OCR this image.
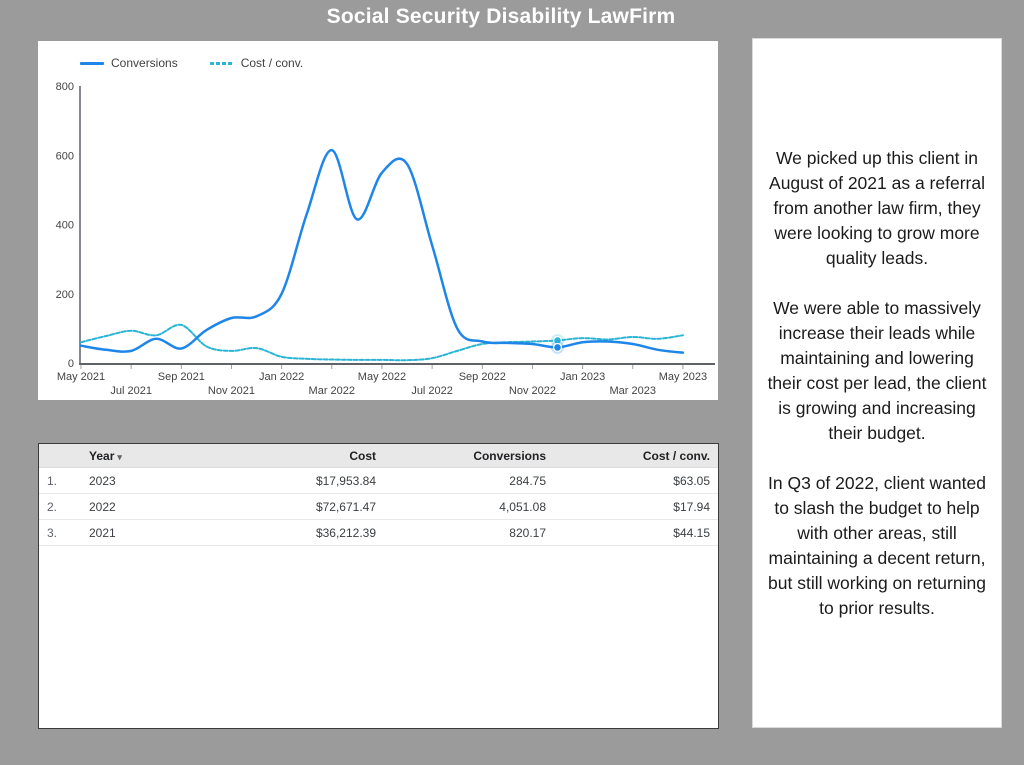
Social Security Disability LawFirm
Conversions	Cost / conv.
0
200
400
600
800
May 2021	Sep 2021	Jan 2022	May 2022	Sep 2022	Jan 2023	May 2023
Jul 2021	Nov 2021	Mar 2022	Jul 2022	Nov 2022	Mar 2023
	Year ▾	Cost	Conversions	Cost / conv.
1.	2023	$17,953.84	284.75	$63.05
2.	2022	$72,671.47	4,051.08	$17.94
3.	2021	$36,212.39	820.17	$44.15

We picked up this client in August of 2021 as a referral from another law firm, they were looking to grow more quality leads.

We were able to massively increase their leads while maintaining and lowering their cost per lead, the client is growing and increasing their budget.

In Q3 of 2022, client wanted to slash the budget to help with other areas, still maintaining a decent return, but still working on returning to prior results.
